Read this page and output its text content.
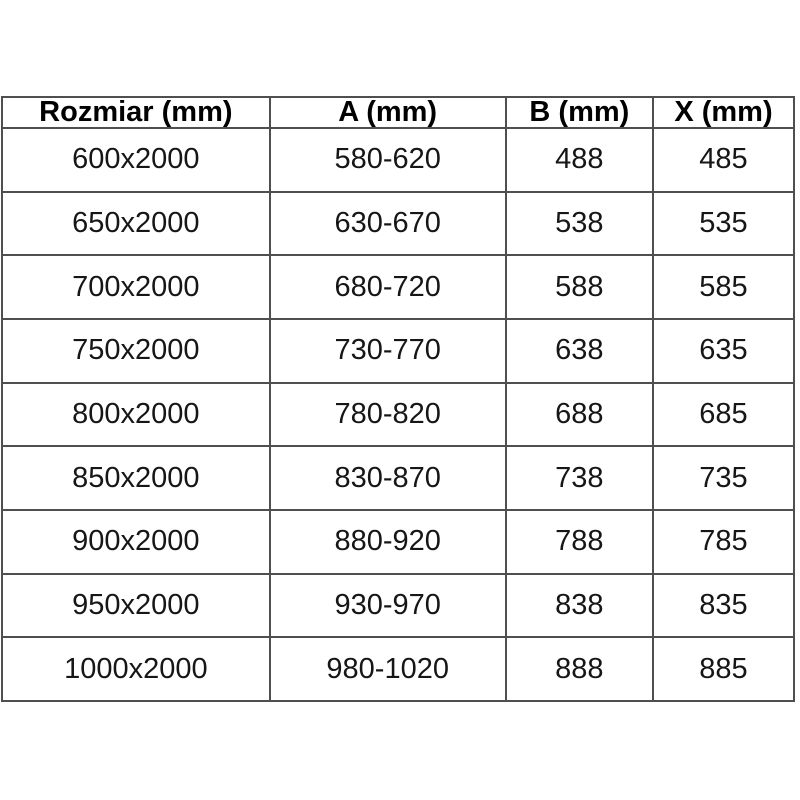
Rozmiar (mm)	A (mm)	B (mm)	X (mm)
600x2000	580-620	488	485
650x2000	630-670	538	535
700x2000	680-720	588	585
750x2000	730-770	638	635
800x2000	780-820	688	685
850x2000	830-870	738	735
900x2000	880-920	788	785
950x2000	930-970	838	835
1000x2000	980-1020	888	885
